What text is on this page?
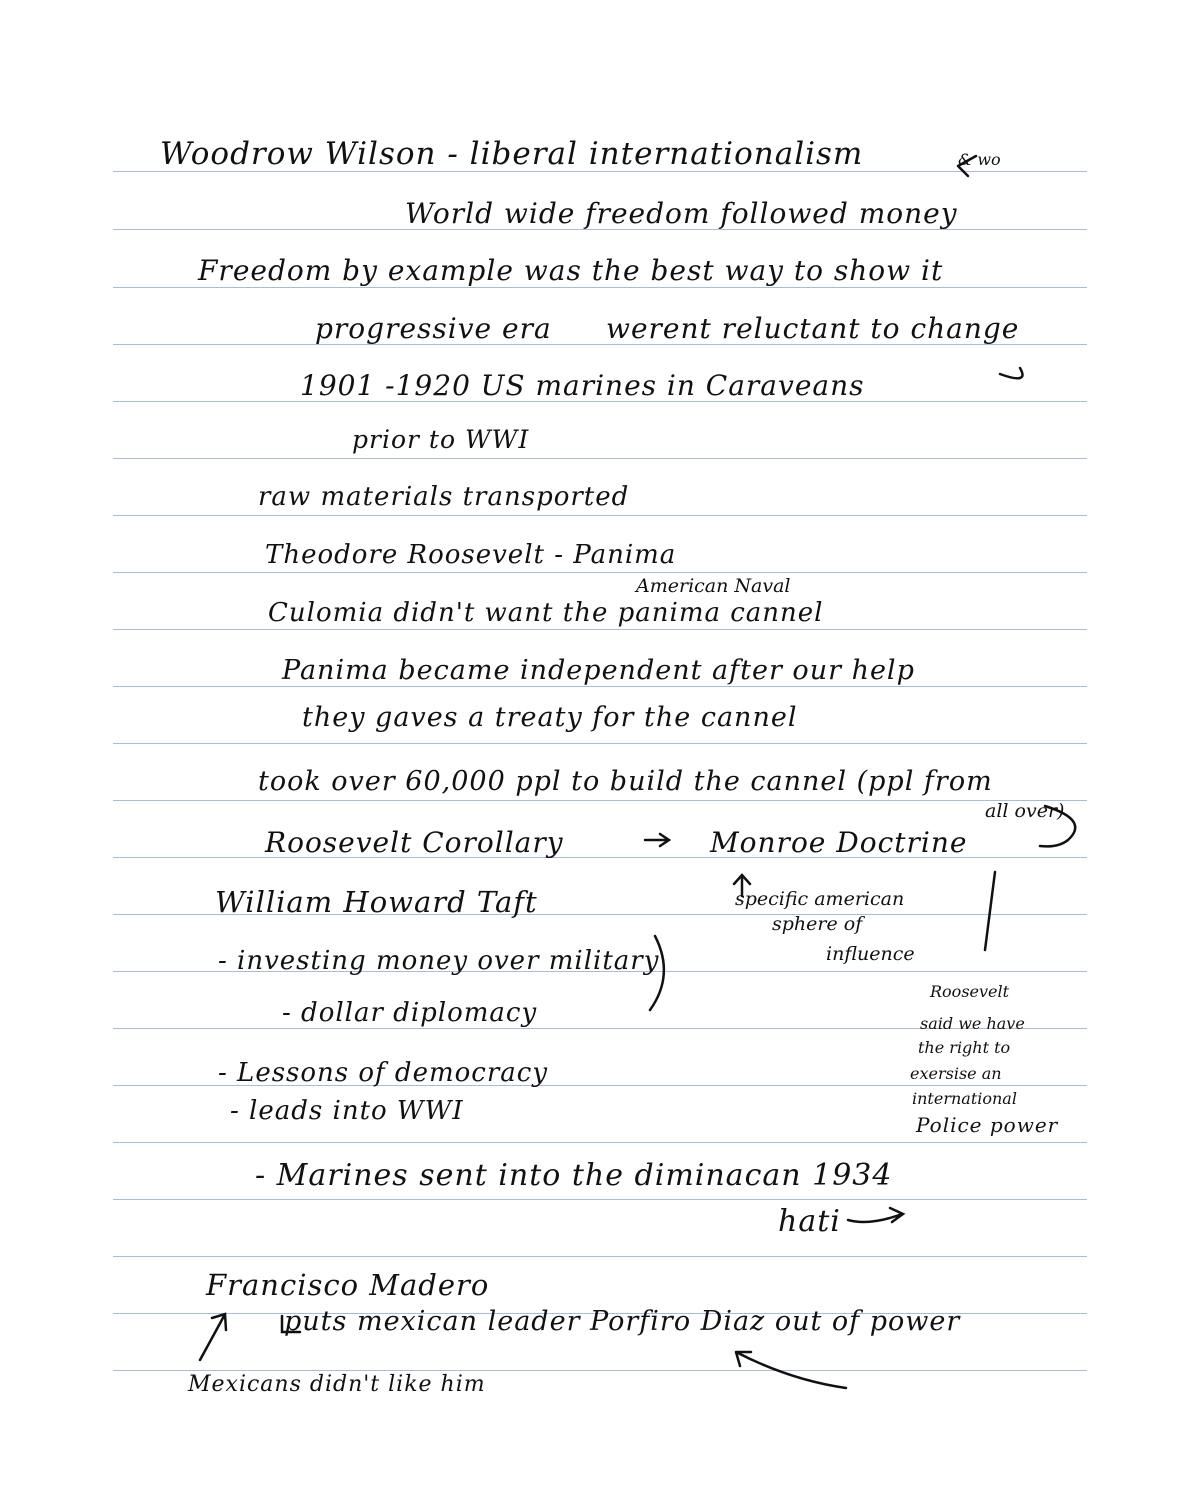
Woodrow Wilson - liberal internationalism	& wo
World wide freedom followed money
Freedom by example was the best way to show it
progressive era werent reluctant to change
1901 -1920 US marines in Caraveans
prior to WWI
raw materials transported
Theodore Roosevelt - Panima
American Naval
Culomia didn't want the panima cannel
Panima became independent after our help
they gaves a treaty for the cannel
took over 60,000 ppl to build the cannel (ppl from
all over)
Roosevelt Corollary	Monroe Doctrine
William Howard Taft	specific american
sphere of
influence
- investing money over military
- dollar diplomacy
- Lessons of democracy
- leads into WWI
Roosevelt
said we have
the right to
exersise an
international
Police power
- Marines sent into the diminacan 1934
hati
Francisco Madero
puts mexican leader Porfiro Diaz out of power
Mexicans didn't like him
